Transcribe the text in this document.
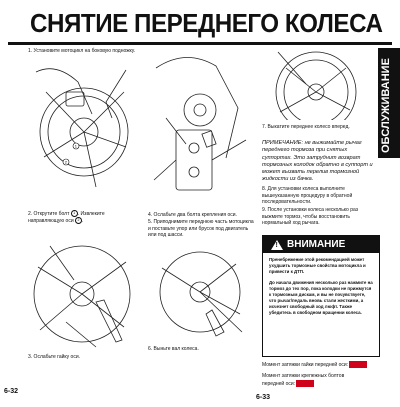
СНЯТИЕ ПЕРЕДНЕГО КОЛЕСА
ОБСЛУЖИВАНИЕ
1. Установите мотоцикл на боковую подножку.
1
2
2. Открутите болт 1 . Извлеките направляющую оси 2 .
3. Ослабьте гайку оси.
4. Ослабьте два болта крепления оси.
5. Приподнимите переднюю часть мотоцикла и поставьте упор или брусок под двигатель или под шасси.
6. Выньте вал колеса.
7. Выкатите переднее колесо вперед.
ПРИМЕЧАНИЕ: не выжимайте рычаг переднего тормоза при снятых суппортах. Это затруднит возврат тормозных колодок обратно в суппорт и может вызвать перелив тормозной жидкости из бачка.
8. Для установки колеса выполните вышеуказанную процедуру в обратной последовательности.
9. После установки колеса несколько раз выжмите тормоз, чтобы восстановить нормальный ход рычага.
!
ВНИМАНИЕ

Пренебрежение этой рекомендацией может ухудшить тормозные свойства мотоцикла и привести к ДТП.

До начала движения несколько раз нажмите на тормоз до тех пор, пока колодки не прижмутся к тормозным дискам, и вы не почувствуете, что рычаг/педаль вновь стали жесткими, а исчезнет свободный ход люфт. Также убедитесь в свободном вращении колеса.

Момент затяжки гайки передней оси:
Момент затяжки крепежных болтов
передней оси:
6-32
6-33
